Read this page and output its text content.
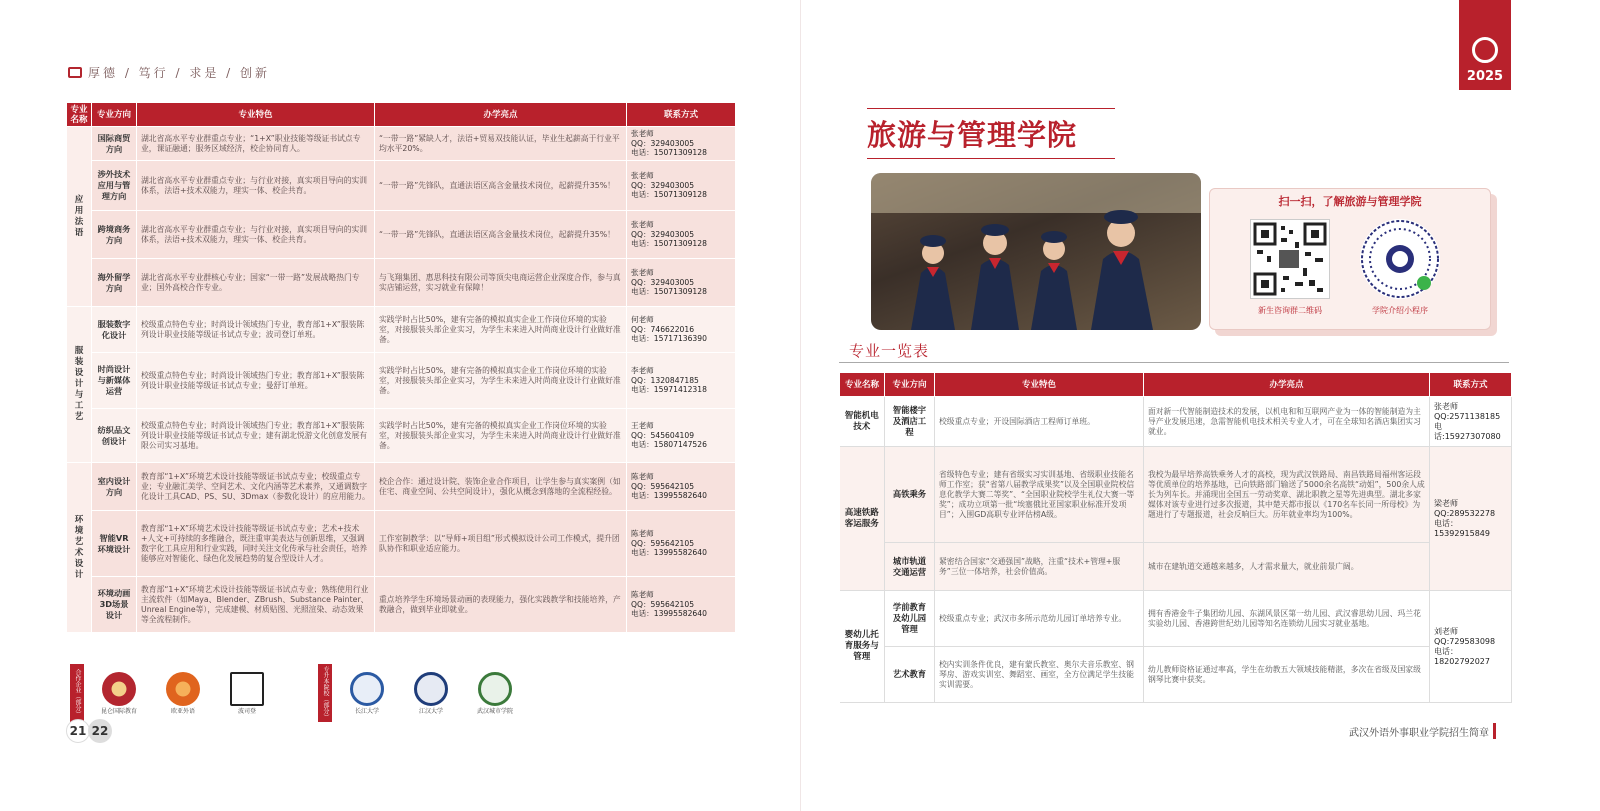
厚德 / 笃行 / 求是 / 创新
专业名称	专业方向	专业特色	办学亮点	联系方式
应用法语	国际商贸方向	湖北省高水平专业群重点专业；“1+X”职业技能等级证书试点专业，课证融通；服务区域经济，校企协同育人。	“一带一路”紧缺人才，法语+贸易双技能认证，毕业生起薪高于行业平均水平20%。	张老师
QQ：329403005
电话：15071309128
	涉外技术应用与管理方向	湖北省高水平专业群重点专业；与行业对接，真实项目导向的实训体系，法语+技术双能力，理实一体、校企共育。	“一带一路”先锋队，直通法语区高含金量技术岗位，起薪提升35%！	张老师
QQ：329403005
电话：15071309128
	跨境商务方向	湖北省高水平专业群重点专业；与行业对接，真实项目导向的实训体系，法语+技术双能力，理实一体、校企共育。	“一带一路”先锋队，直通法语区高含金量技术岗位，起薪提升35%！	张老师
QQ：329403005
电话：15071309128
	海外留学方向	湖北省高水平专业群核心专业；国家“一带一路”发展战略热门专业；国外高校合作专业。	与飞翔集团、惠思科技有限公司等顶尖电商运营企业深度合作，参与真实店铺运营，实习就业有保障！	张老师
QQ：329403005
电话：15071309128
服装设计与工艺	服装数字化设计	校级重点特色专业；时尚设计领域热门专业，教育部1+X”服装陈列设计职业技能等级证书试点专业；波司登订单班。	实践学时占比50%，建有完备的模拟真实企业工作岗位环境的实验室，对接服装头部企业实习，为学生未来进入时尚商业设计行业做好准备。	何老师
QQ：746622016
电话：15717136390
	时尚设计与新媒体运营	校级重点特色专业；时尚设计领域热门专业；教育部1+X”服装陈列设计职业技能等级证书试点专业；曼舒订单班。	实践学时占比50%，建有完备的模拟真实企业工作岗位环境的实验室，对接服装头部企业实习，为学生未来进入时尚商业设计行业做好准备。	李老师
QQ：1320847185
电话：15971412318
	纺织品文创设计	校级重点特色专业；时尚设计领域热门专业；教育部1+X”服装陈列设计职业技能等级证书试点专业；建有湖北悦游文化创意发展有限公司实习基地。	实践学时占比50%，建有完备的模拟真实企业工作岗位环境的实验室，对接服装头部企业实习，为学生未来进入时尚商业设计行业做好准备。	王老师
QQ：545604109
电话：15807147526
环境艺术设计	室内设计方向	教育部“1+X”环境艺术设计技能等级证书试点专业；校级重点专业；专业融汇美学、空间艺术、文化内涵等艺术素养，又通调数字化设计工具CAD、PS、SU、3Dmax（参数化设计）的应用能力。	校企合作：通过设计院、装饰企业合作项目，让学生参与真实案例（如住宅、商业空间、公共空间设计），强化从概念到落地的全流程经验。	陈老师
QQ：595642105
电话：13995582640
	智能VR环境设计	教育部“1+X”环境艺术设计技能等级证书试点专业；艺术+技术+人文+可持续的多维融合，既注重审美表达与创新思维，又强调数字化工具应用和行业实践，同时关注文化传承与社会责任，培养能够应对智能化、绿色化发展趋势的复合型设计人才。	工作室制教学：以“导师+项目组”形式模拟设计公司工作模式，提升团队协作和职业适应能力。	陈老师
QQ：595642105
电话：13995582640
	环境动画3D场景设计	教育部“1+X”环境艺术设计技能等级证书试点专业；熟练使用行业主流软件（如Maya、Blender、ZBrush、Substance Painter、Unreal Engine等），完成建模、材质贴图、光照渲染、动态效果等全流程制作。	重点培养学生环境场景动画的表现能力，强化实践教学和技能培养，产教融合，做到毕业即就业。	陈老师
QQ：595642105
电话：13995582640
合作企业（部分）	昆仑国际教育	欧亚外语	波司登	专升本院校（部分）	长江大学	江汉大学	武汉城市学院
21 22
2025
旅游与管理学院
扫一扫，了解旅游与管理学院
新生咨询群二维码	学院介绍小程序
专业一览表
专业名称	专业方向	专业特色	办学亮点	联系方式
智能机电技术	智能楼宇及酒店工程	校级重点专业；开设国际酒店工程师订单班。	面对新一代智能制造技术的发展，以机电和和互联网产业为一体的智能制造为主导产业发展迅速，急需智能机电技术相关专业人才，可在全球知名酒店集团实习就业。	张老师
QQ:2571138185
电话:15927307080
高速铁路客运服务	高铁乘务	省级特色专业；建有省级实习实训基地、省级职业技能名师工作室；获“省第八届教学成果奖”以及全国职业院校信息化教学大赛二等奖”、“全国职业院校学生礼仪大赛一等奖”；成功立项第一批“埃塞俄比亚国家职业标准开发项目”；入围GD高职专业评估榜A级。	我校为最早培养高铁乘务人才的高校，现为武汉铁路局、南昌铁路局福州客运段等优质单位的培养基地，已向铁路部门输送了5000余名高铁“动姐”，500余人成长为列车长。并涌现出全国五一劳动奖章、湖北职教之星等先进典型。湖北多家媒体对该专业进行过多次报道，其中楚天都市报以《170名车长同一所母校》为题进行了专题报道，社会反响巨大。历年就业率均为100%。	梁老师
QQ:289532278
电话：
15392915849
	城市轨道交通运营	紧密结合国家“交通强国”战略，注重“技术+管理+服务”三位一体培养，社会价值高。	城市在建轨道交通越来越多，人才需求量大，就业前景广阔。	
婴幼儿托育服务与管理	学前教育及幼儿园管理	校级重点专业；武汉市多所示范幼儿园订单培养专业。	拥有香港金牛子集团幼儿园、东湖风景区第一幼儿园、武汉睿思幼儿园、玛兰花实验幼儿园、香港跨世纪幼儿园等知名连锁幼儿园实习就业基地。	刘老师
QQ:729583098
电话：
18202792027
	艺术教育	校内实训条件优良，建有蒙氏教室、奥尔夫音乐教室、钢琴房、游戏实训室、舞蹈室、画室，全方位满足学生技能实训需要。	幼儿教师资格证通过率高，学生在幼教五大领域技能精湛，多次在省级及国家级钢琴比赛中获奖。	
武汉外语外事职业学院招生简章
